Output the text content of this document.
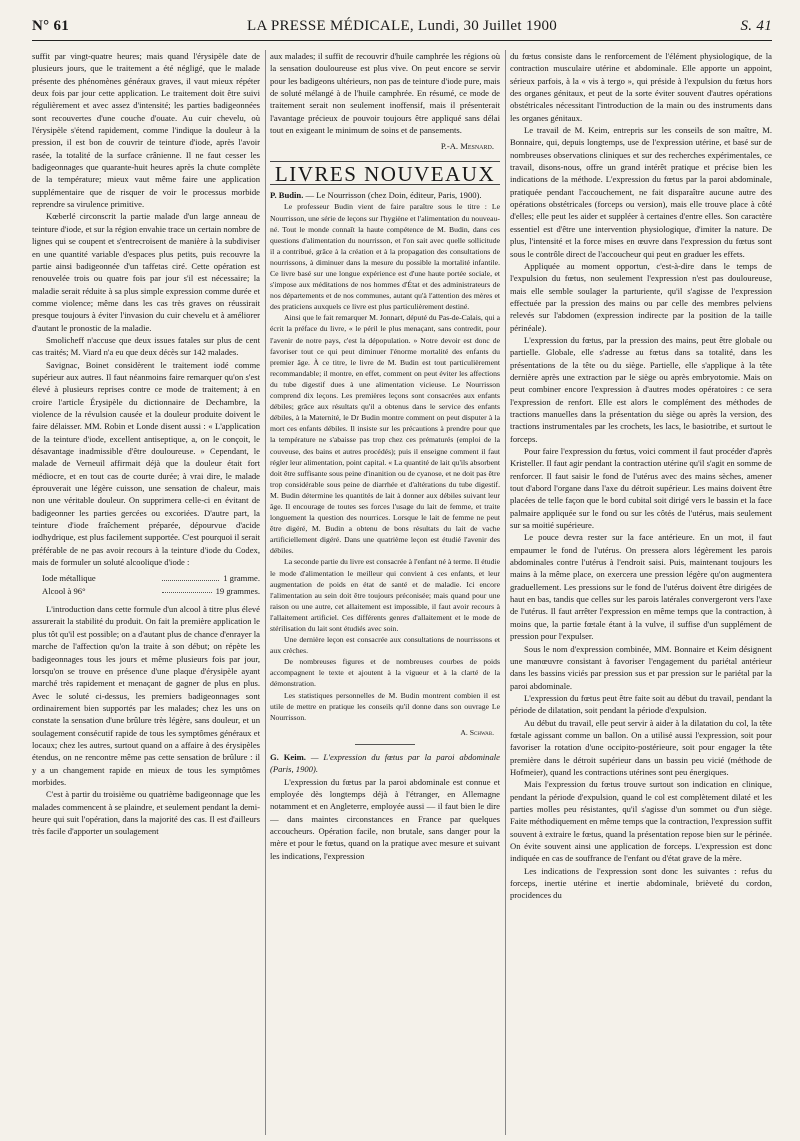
N° 61	LA PRESSE MÉDICALE, Lundi, 30 Juillet 1900	S. 41

suffit par vingt-quatre heures; mais quand l'érysipèle date de plusieurs jours, que le traitement a été négligé, que le malade présente des phénomènes généraux graves, il vaut mieux répéter deux fois par jour cette application. Le traitement doit être suivi régulièrement et avec assez d'intensité; les parties badigeonnées sont recouvertes d'une couche d'ouate. Au cuir chevelu, où l'érysipèle s'étend rapidement, comme l'indique la douleur à la pression, il est bon de couvrir de teinture d'iode, après l'avoir rasée, la totalité de la surface crânienne. Il ne faut cesser les badigeonnages que quarante-huit heures après la chute complète de la température; mieux vaut même faire une application supplémentaire que de risquer de voir le processus morbide reprendre sa virulence primitive.

Kœberlé circonscrit la partie malade d'un large anneau de teinture d'iode, et sur la région envahie trace un certain nombre de lignes qui se coupent et s'entrecroisent de manière à la subdiviser en une quantité variable d'espaces plus petits, puis recouvre la partie ainsi badigeonnée d'un taffetas ciré. Cette opération est renouvelée trois ou quatre fois par jour s'il est nécessaire; la maladie serait réduite à sa plus simple expression comme durée et comme violence; même dans les cas très graves on réussirait presque toujours à éviter l'invasion du cuir chevelu et à améliorer d'autant le pronostic de la maladie.

Smolicheff n'accuse que deux issues fatales sur plus de cent cas traités; M. Viard n'a eu que deux décès sur 142 malades.

Savignac, Boinet considèrent le traitement iodé comme supérieur aux autres. Il faut néanmoins faire remarquer qu'on s'est élevé à plusieurs reprises contre ce mode de traitement; à en croire l'article Érysipèle du dictionnaire de Dechambre, la violence de la révulsion causée et la douleur produite doivent le faire délaisser. MM. Robin et Londe disent aussi : « L'application de la teinture d'iode, excellent antiseptique, a, on le conçoit, le désavantage inadmissible d'être douloureuse. » Cependant, le malade de Verneuil affirmait déjà que la douleur était fort médiocre, et en tout cas de courte durée; à vrai dire, le malade éprouverait une légère cuisson, une sensation de chaleur, mais non une véritable douleur. On supprimera celle-ci en évitant de badigeonner les parties gercées ou excoriées. D'autre part, la teinture d'iode fraîchement préparée, dépourvue d'acide iodhydrique, est plus facilement supportée. C'est pourquoi il serait préférable de ne pas avoir recours à la teinture d'iode du Codex, mais de formuler un soluté alcoolique d'iode :

Iode métallique	1 gramme.
Alcool à 96°	19 grammes.

L'introduction dans cette formule d'un alcool à titre plus élevé assurerait la stabilité du produit. On fait la première application le plus tôt qu'il est possible; on a d'autant plus de chance d'enrayer la marche de l'affection qu'on la traite à son début; on répète les badigeonnages tous les jours et même plusieurs fois par jour, lorsqu'on se trouve en présence d'une plaque d'érysipèle ayant marché très rapidement et menaçant de gagner de plus en plus. Avec le soluté ci-dessus, les premiers badigeonnages sont ordinairement bien supportés par les malades; chez les uns on constate la sensation d'une brûlure très légère, sans douleur, et un soulagement consécutif rapide de tous les symptômes généraux et locaux; chez les autres, surtout quand on a affaire à des érysipèles étendus, on ne rencontre même pas cette sensation de brûlure : il y a un changement rapide en mieux de tous les symptômes morbides.

C'est à partir du troisième ou quatrième badigeonnage que les malades commencent à se plaindre, et seulement pendant la demi-heure qui suit l'opération, dans la majorité des cas. Il est d'ailleurs très facile d'apporter un soulagement

aux malades; il suffit de recouvrir d'huile camphrée les régions où la sensation douloureuse est plus vive. On peut encore se servir pour les badigeons ultérieurs, non pas de teinture d'iode pure, mais de soluté mélangé à de l'huile camphrée. En résumé, ce mode de traitement serait non seulement inoffensif, mais il présenterait l'avantage précieux de pouvoir toujours être appliqué sans délai tout en exigeant le minimum de soins et de pansements.

P.-A. Mesnard.
LIVRES NOUVEAUX

P. Budin. — Le Nourrisson (chez Doin, éditeur, Paris, 1900).

Le professeur Budin vient de faire paraître sous le titre : Le Nourrisson, une série de leçons sur l'hygiène et l'alimentation du nouveau-né. Tout le monde connaît la haute compétence de M. Budin, dans ces questions d'alimentation du nourrisson, et l'on sait avec quelle sollicitude il a contribué, grâce à la création et à la propagation des consultations de nourrissons, à diminuer dans la mesure du possible la mortalité infantile. Ce livre basé sur une longue expérience est d'une haute portée sociale, et s'impose aux méditations de nos hommes d'État et des administrateurs de nos départements et de nos communes, autant qu'à l'attention des mères et des praticiens auxquels ce livre est plus particulièrement destiné.

Ainsi que le fait remarquer M. Jonnart, député du Pas-de-Calais, qui a écrit la préface du livre, « le péril le plus menaçant, sans contredit, pour l'avenir de notre pays, c'est la dépopulation. » Notre devoir est donc de favoriser tout ce qui peut diminuer l'énorme mortalité des enfants du premier âge. À ce titre, le livre de M. Budin est tout particulièrement recommandable; il montre, en effet, comment on peut éviter les affections du tube digestif dues à une alimentation vicieuse. Le Nourrisson comprend dix leçons. Les premières leçons sont consacrées aux enfants débiles; grâce aux résultats qu'il a obtenus dans le service des enfants débiles, à la Maternité, le Dr Budin montre comment on peut disputer à la mort ces enfants débiles. Il insiste sur les précautions à prendre pour que la température ne s'abaisse pas trop chez ces prématurés (emploi de la couveuse, des bains et autres procédés); puis il enseigne comment il faut régler leur alimentation, point capital. « La quantité de lait qu'ils absorbent doit être suffisante sous peine d'inanition ou de cyanose, et ne doit pas être trop considérable sous peine de diarrhée et d'altérations du tube digestif. M. Budin détermine les quantités de lait à donner aux débiles suivant leur âge. Il encourage de toutes ses forces l'usage du lait de femme, et traite longuement la question des nourrices. Lorsque le lait de femme ne peut être digéré, M. Budin a obtenu de bons résultats du lait de vache artificiellement digéré. Dans une quatrième leçon est étudié l'avenir des débiles.

La seconde partie du livre est consacrée à l'enfant né à terme. Il étudie le mode d'alimentation le meilleur qui convient à ces enfants, et leur augmentation de poids en état de santé et de maladie. Ici encore l'alimentation au sein doit être toujours préconisée; mais quand pour une raison ou une autre, cet allaitement est impossible, il faut avoir recours à l'allaitement artificiel. Ces différents genres d'allaitement et le mode de stérilisation du lait sont étudiés avec soin.

Une dernière leçon est consacrée aux consultations de nourrissons et aux crèches.

De nombreuses figures et de nombreuses courbes de poids accompagnent le texte et ajoutent à la vigueur et à la clarté de la démonstration.

Les statistiques personnelles de M. Budin montrent combien il est utile de mettre en pratique les conseils qu'il donne dans son ouvrage Le Nourrisson.

A. Schwab.

G. Keim. — L'expression du fœtus par la paroi abdominale (Paris, 1900).

L'expression du fœtus par la paroi abdominale est connue et employée dès longtemps déjà à l'étranger, en Allemagne notamment et en Angleterre, employée aussi — il faut bien le dire — dans maintes circonstances en France par quelques accoucheurs. Opération facile, non brutale, sans danger pour la mère et pour le fœtus, quand on la pratique avec mesure et suivant les indications, l'expression

du fœtus consiste dans le renforcement de l'élément physiologique, de la contraction musculaire utérine et abdominale. Elle apporte un appoint, sérieux parfois, à la « vis à tergo », qui préside à l'expulsion du fœtus hors des organes génitaux, et peut de la sorte éviter souvent d'autres opérations obstétricales nécessitant l'introduction de la main ou des instruments dans les organes génitaux.

Le travail de M. Keim, entrepris sur les conseils de son maître, M. Bonnaire, qui, depuis longtemps, use de l'expression utérine, et basé sur de nombreuses observations cliniques et sur des recherches expérimentales, ce travail, disons-nous, offre un grand intérêt pratique et précise bien les indications de la méthode. L'expression du fœtus par la paroi abdominale, pratiquée pendant l'accouchement, ne fait disparaître aucune autre des opérations obstétricales (forceps ou version), mais elle trouve place à côté d'elles; elle peut les aider et suppléer à certaines d'entre elles. Son caractère essentiel est d'être une intervention physiologique, d'imiter la nature. De plus, l'intensité et la force mises en œuvre dans l'expression du fœtus sont sous le contrôle direct de l'accoucheur qui peut en graduer les effets.

Appliquée au moment opportun, c'est-à-dire dans le temps de l'expulsion du fœtus, non seulement l'expression n'est pas douloureuse, mais elle semble soulager la parturiente, qu'il s'agisse de l'expression effectuée par la pression des mains ou par celle des membres pelviens relevés sur l'abdomen (expression indirecte par la position de la taille périnéale).

L'expression du fœtus, par la pression des mains, peut être globale ou partielle. Globale, elle s'adresse au fœtus dans sa totalité, dans les présentations de la tête ou du siège. Partielle, elle s'applique à la tête dernière après une extraction par le siège ou après embryotomie. Mais on peut combiner encore l'expression à d'autres modes opératoires : ce sera l'expression de renfort. Elle est alors le complément des méthodes de tractions manuelles dans la présentation du siège ou après la version, des tractions instrumentales par les crochets, les lacs, le basiotribe, et surtout le forceps.

Pour faire l'expression du fœtus, voici comment il faut procéder d'après Kristeller. Il faut agir pendant la contraction utérine qu'il s'agit en somme de renforcer. Il faut saisir le fond de l'utérus avec des mains sèches, amener tout d'abord l'organe dans l'axe du détroit supérieur. Les mains doivent être placées de telle façon que le bord cubital soit dirigé vers le bassin et la face palmaire appliquée sur le fond ou sur les côtés de l'utérus, mais seulement sur sa moitié supérieure.

Le pouce devra rester sur la face antérieure. En un mot, il faut empaumer le fond de l'utérus. On pressera alors légèrement les parois abdominales contre l'utérus à l'endroit saisi. Puis, maintenant toujours les mains à la même place, on exercera une pression légère qu'on augmentera graduellement. Les pressions sur le fond de l'utérus doivent être dirigées de haut en bas, tandis que celles sur les parois latérales convergeront vers l'axe de l'utérus. Il faut arrêter l'expression en même temps que la contraction, à moins que, la partie fœtale étant à la vulve, il suffise d'un supplément de pression pour l'expulser.

Sous le nom d'expression combinée, MM. Bonnaire et Keim désignent une manœuvre consistant à favoriser l'engagement du pariétal antérieur dans les bassins viciés par pression sus et par pression sur le pariétal par la paroi abdominale.

L'expression du fœtus peut être faite soit au début du travail, pendant la période de dilatation, soit pendant la période d'expulsion.

Au début du travail, elle peut servir à aider à la dilatation du col, la tête fœtale agissant comme un ballon. On a utilisé aussi l'expression, soit pour favoriser la rotation d'une occipito-postérieure, soit pour engager la tête première dans le détroit supérieur dans un bassin peu vicié (méthode de Hofmeier), quand les contractions utérines sont peu énergiques.

Mais l'expression du fœtus trouve surtout son indication en clinique, pendant la période d'expulsion, quand le col est complètement dilaté et les parties molles peu résistantes, qu'il s'agisse d'un sommet ou d'un siège. Faite méthodiquement en même temps que la contraction, l'expression suffit souvent à extraire le fœtus, quand la présentation repose bien sur le périnée. On évite souvent ainsi une application de forceps. L'expression est donc indiquée en cas de souffrance de l'enfant ou d'état grave de la mère.

Les indications de l'expression sont donc les suivantes : refus du forceps, inertie utérine et inertie abdominale, brièveté du cordon, procidences du
